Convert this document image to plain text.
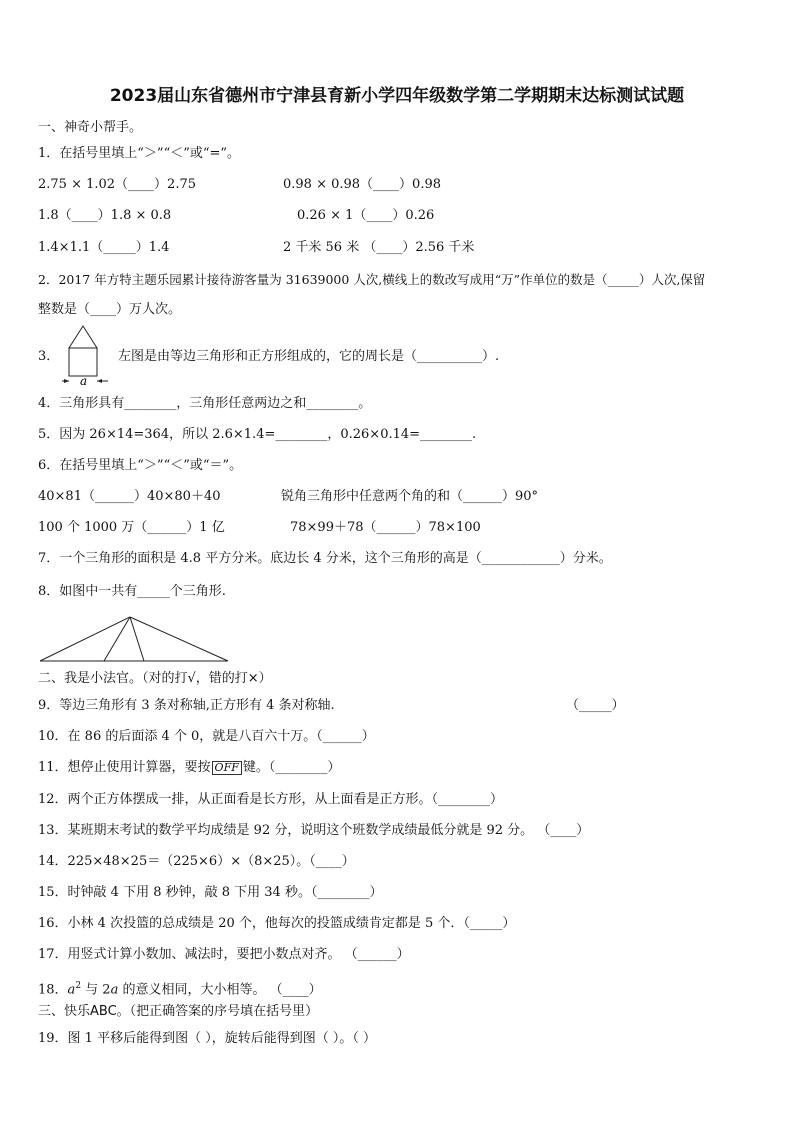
2023届山东省德州市宁津县育新小学四年级数学第二学期期末达标测试试题
一、神奇小帮手。
1．在括号里填上“＞”“＜”或“=”。
2.75 × 1.02（____）2.75	0.98 × 0.98（____）0.98
1.8（____）1.8 × 0.8	0.26 × 1（____）0.26
1.4×1.1（_____）1.4	2 千米 56 米 （____）2.56 千米
2．2017 年方特主题乐园累计接待游客量为 31639000 人次,横线上的数改写成用“万”作单位的数是（_____）人次,保留
整数是（____）万人次。
3．
a
左图是由等边三角形和正方形组成的，它的周长是（__________）.
4．三角形具有________，三角形任意两边之和________。
5．因为 26×14=364，所以 2.6×1.4=________，0.26×0.14=________.
6．在括号里填上“＞”“＜”或“＝”。
40×81（______）40×80＋40	锐角三角形中任意两个角的和（______）90°
100 个 1000 万（______）1 亿	78×99＋78（______）78×100
7．一个三角形的面积是 4.8 平方分米。底边长 4 分米，这个三角形的高是（____________）分米。
8．如图中一共有_____个三角形.
二、我是小法官。（对的打√，错的打×）
9．等边三角形有 3 条对称轴,正方形有 4 条对称轴.	（_____）
10．在 86 的后面添 4 个 0，就是八百六十万。（______）
11．想停止使用计算器，要按 OFF 键。（________）
12．两个正方体摆成一排，从正面看是长方形，从上面看是正方形。（________）
13．某班期末考试的数学平均成绩是 92 分，说明这个班数学成绩最低分就是 92 分。 （____）
14．225×48×25＝（225×6）×（8×25）。（____）
15．时钟敲 4 下用 8 秒钟，敲 8 下用 34 秒。（________）
16．小林 4 次投篮的总成绩是 20 个，他每次的投篮成绩肯定都是 5 个．（_____）
17．用竖式计算小数加、减法时，要把小数点对齐。 （______）
18．$a^2$ 与 2a 的意义相同，大小相等。 （____）
三、快乐ABC。（把正确答案的序号填在括号里）
19．图 1 平移后能得到图（ ），旋转后能得到图（ ）。（ ）
